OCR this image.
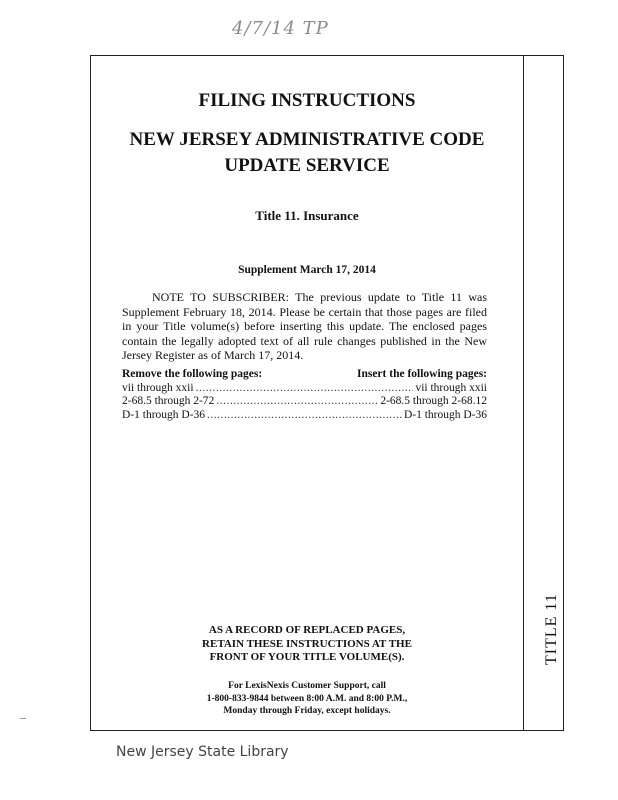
4/7/14 TP
TITLE 11
FILING INSTRUCTIONS
NEW JERSEY ADMINISTRATIVE CODE
UPDATE SERVICE
Title 11. Insurance
Supplement March 17, 2014
NOTE TO SUBSCRIBER: The previous update to Title 11 was Supplement February 18, 2014. Please be certain that those pages are filed in your Title volume(s) before inserting this update. The enclosed pages contain the legally adopted text of all rule changes published in the New Jersey Register as of March 17, 2014.
Remove the following pages:	Insert the following pages:
vii through xxii .....	vii through xxii
2-68.5 through 2-72 .....	2-68.5 through 2-68.12
D-1 through D-36 .....	D-1 through D-36
AS A RECORD OF REPLACED PAGES,
RETAIN THESE INSTRUCTIONS AT THE
FRONT OF YOUR TITLE VOLUME(S).
For LexisNexis Customer Support, call
1-800-833-9844 between 8:00 A.M. and 8:00 P.M.,
Monday through Friday, except holidays.
New Jersey State Library
